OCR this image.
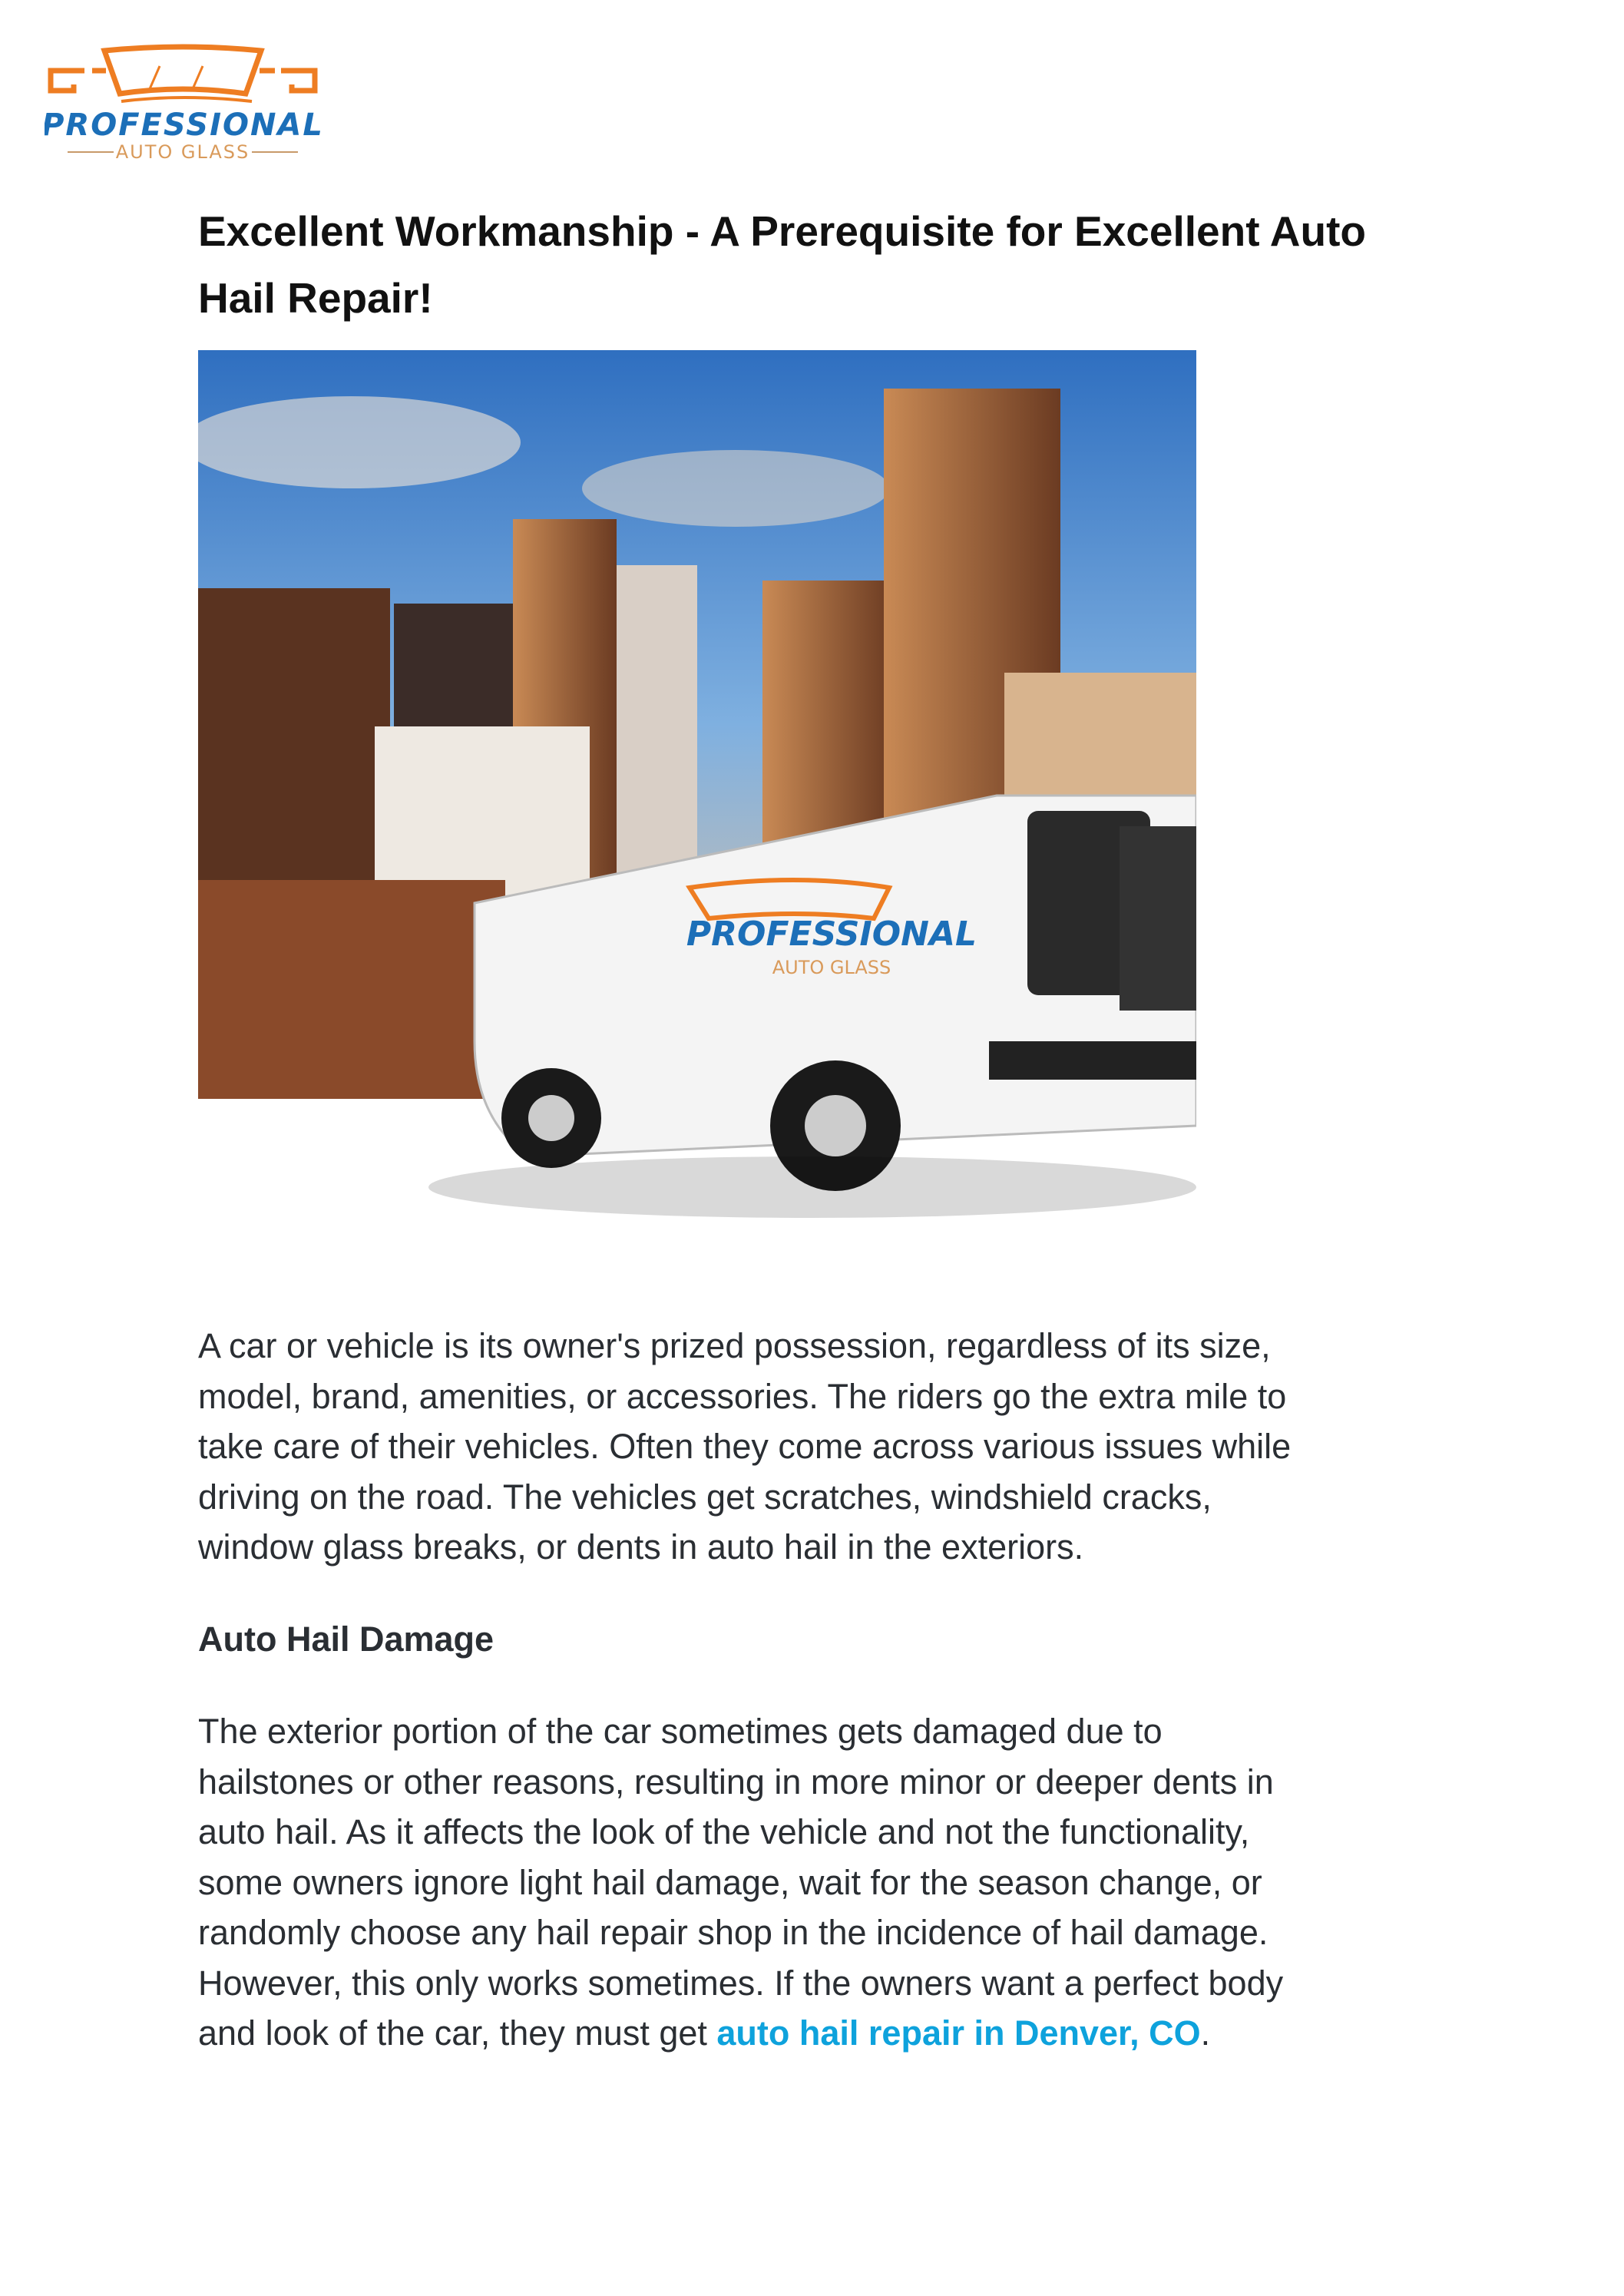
PROFESSIONAL
AUTO GLASS
Excellent Workmanship - A Prerequisite for Excellent Auto
Hail Repair!
PROFESSIONAL
AUTO GLASS
A car or vehicle is its owner's prized possession, regardless of its size,
model, brand, amenities, or accessories. The riders go the extra mile to
take care of their vehicles. Often they come across various issues while
driving on the road. The vehicles get scratches, windshield cracks,
window glass breaks, or dents in auto hail in the exteriors.
Auto Hail Damage
The exterior portion of the car sometimes gets damaged due to
hailstones or other reasons, resulting in more minor or deeper dents in
auto hail. As it affects the look of the vehicle and not the functionality,
some owners ignore light hail damage, wait for the season change, or
randomly choose any hail repair shop in the incidence of hail damage.
However, this only works sometimes. If the owners want a perfect body
and look of the car, they must get auto hail repair in Denver, CO.
